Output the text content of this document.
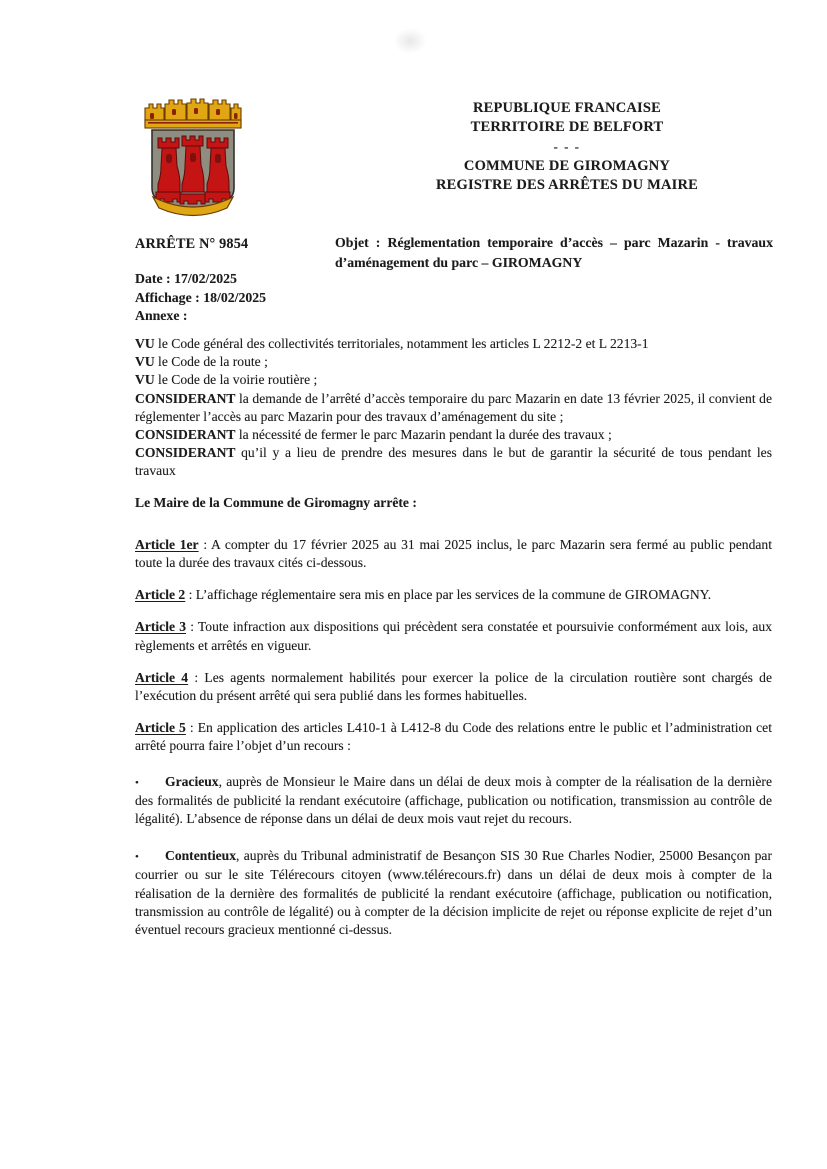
REPUBLIQUE FRANCAISE
TERRITOIRE DE BELFORT
- - -
COMMUNE DE GIROMAGNY
REGISTRE DES ARRÊTES DU MAIRE
ARRÊTE N° 9854	Objet : Réglementation temporaire d’accès – parc Mazarin - travaux d’aménagement du parc – GIROMAGNY
Date : 17/02/2025
Affichage : 18/02/2025
Annexe :

VU le Code général des collectivités territoriales, notamment les articles L 2212-2 et L 2213-1

VU le Code de la route ;

VU le Code de la voirie routière ;

CONSIDERANT la demande de l’arrêté d’accès temporaire du parc Mazarin en date 13 février 2025, il convient de réglementer l’accès au parc Mazarin pour des travaux d’aménagement du site ;

CONSIDERANT la nécessité de fermer le parc Mazarin pendant la durée des travaux ;

CONSIDERANT qu’il y a lieu de prendre des mesures dans le but de garantir la sécurité de tous pendant les travaux

Le Maire de la Commune de Giromagny arrête :

Article 1er : A compter du 17 février 2025 au 31 mai 2025 inclus, le parc Mazarin sera fermé au public pendant toute la durée des travaux cités ci-dessous.

Article 2 : L’affichage réglementaire sera mis en place par les services de la commune de GIROMAGNY.

Article 3 : Toute infraction aux dispositions qui précèdent sera constatée et poursuivie conformément aux lois, aux règlements et arrêtés en vigueur.

Article 4 : Les agents normalement habilités pour exercer la police de la circulation routière sont chargés de l’exécution du présent arrêté qui sera publié dans les formes habituelles.

Article 5 : En application des articles L410-1 à L412-8 du Code des relations entre le public et l’administration cet arrêté pourra faire l’objet d’un recours :

• Gracieux, auprès de Monsieur le Maire dans un délai de deux mois à compter de la réalisation de la dernière des formalités de publicité la rendant exécutoire (affichage, publication ou notification, transmission au contrôle de légalité). L’absence de réponse dans un délai de deux mois vaut rejet du recours.

• Contentieux, auprès du Tribunal administratif de Besançon SIS 30 Rue Charles Nodier, 25000 Besançon par courrier ou sur le site Télérecours citoyen (www.télérecours.fr) dans un délai de deux mois à compter de la réalisation de la dernière des formalités de publicité la rendant exécutoire (affichage, publication ou notification, transmission au contrôle de légalité) ou à compter de la décision implicite de rejet ou réponse explicite de rejet d’un éventuel recours gracieux mentionné ci-dessus.
